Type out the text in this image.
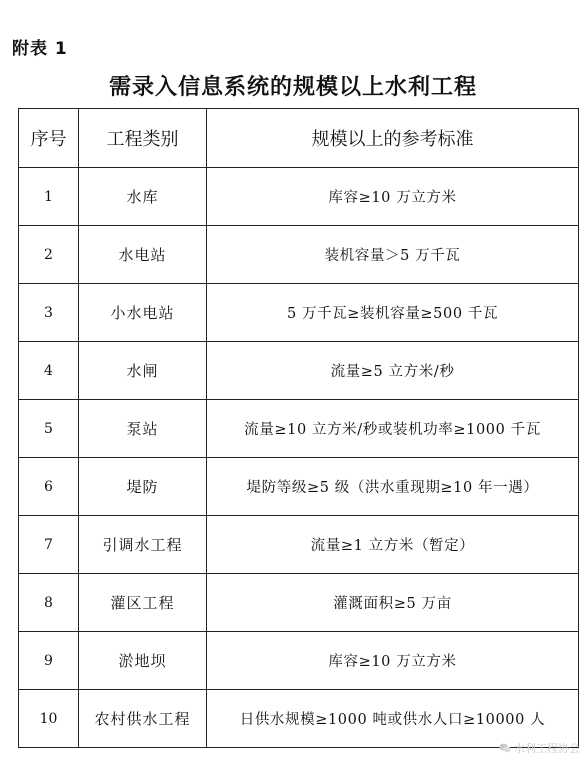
附表 1
需录入信息系统的规模以上水利工程
序号	工程类别	规模以上的参考标准
1	水库	库容≥10 万立方米
2	水电站	装机容量＞5 万千瓦
3	小水电站	5 万千瓦≥装机容量≥500 千瓦
4	水闸	流量≥5 立方米/秒
5	泵站	流量≥10 立方米/秒或装机功率≥1000 千瓦
6	堤防	堤防等级≥5 级（洪水重现期≥10 年一遇）
7	引调水工程	流量≥1 立方米（暂定）
8	灌区工程	灌溉面积≥5 万亩
9	淤地坝	库容≥10 万立方米
10	农村供水工程	日供水规模≥1000 吨或供水人口≥10000 人
水利工程协会
